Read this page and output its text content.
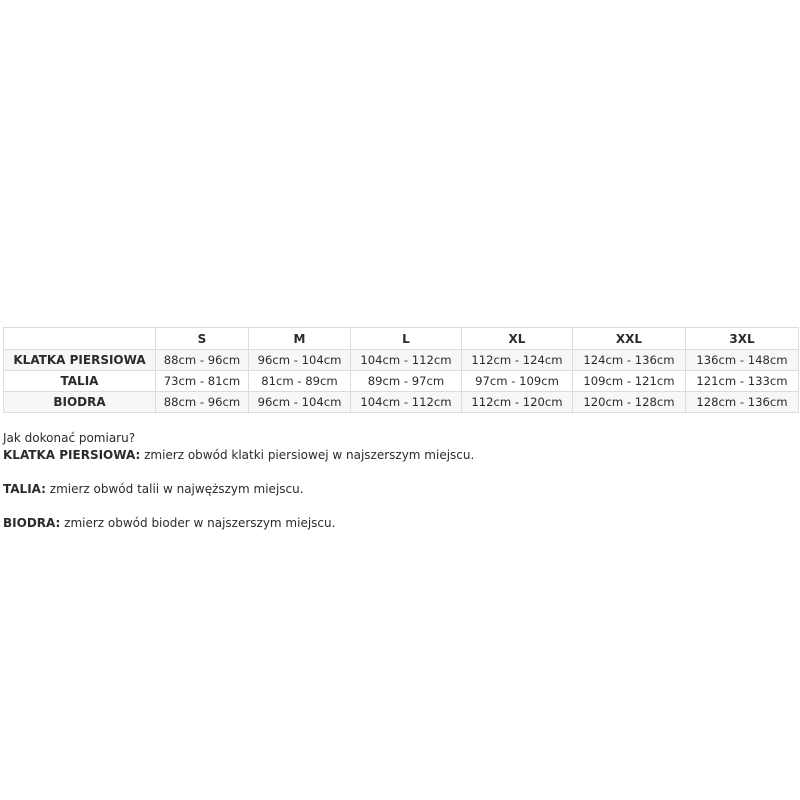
	S	M	L	XL	XXL	3XL
KLATKA PIERSIOWA	88cm - 96cm	96cm - 104cm	104cm - 112cm	112cm - 124cm	124cm - 136cm	136cm - 148cm
TALIA	73cm - 81cm	81cm - 89cm	89cm - 97cm	97cm - 109cm	109cm - 121cm	121cm - 133cm
BIODRA	88cm - 96cm	96cm - 104cm	104cm - 112cm	112cm - 120cm	120cm - 128cm	128cm - 136cm

Jak dokonać pomiaru?

KLATKA PIERSIOWA: zmierz obwód klatki piersiowej w najszerszym miejscu.

TALIA: zmierz obwód talii w najwęższym miejscu.

BIODRA: zmierz obwód bioder w najszerszym miejscu.
